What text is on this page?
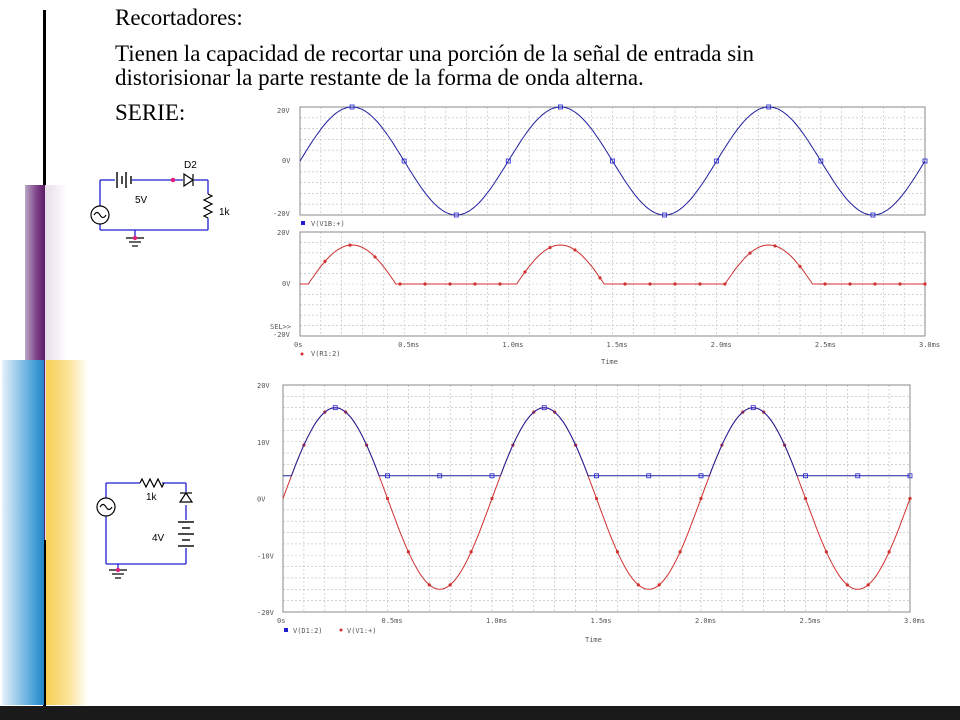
Recortadores:
Tienen la capacidad de recortar una porción de la señal de entrada sin distorisionar la parte restante de la forma de onda alterna.
SERIE:
D2
5V
1k
1k
4V
20V
0V
-20V
V(V1B:+)
20V
0V
SEL>>
-20V
0s	0.5ms	1.0ms	1.5ms	2.0ms	2.5ms	3.0ms
V(R1:2)
Time
20V
10V
0V
-10V
-20V
0s	0.5ms	1.0ms	1.5ms	2.0ms	2.5ms	3.0ms
V(D1:2)	V(V1:+)
Time
